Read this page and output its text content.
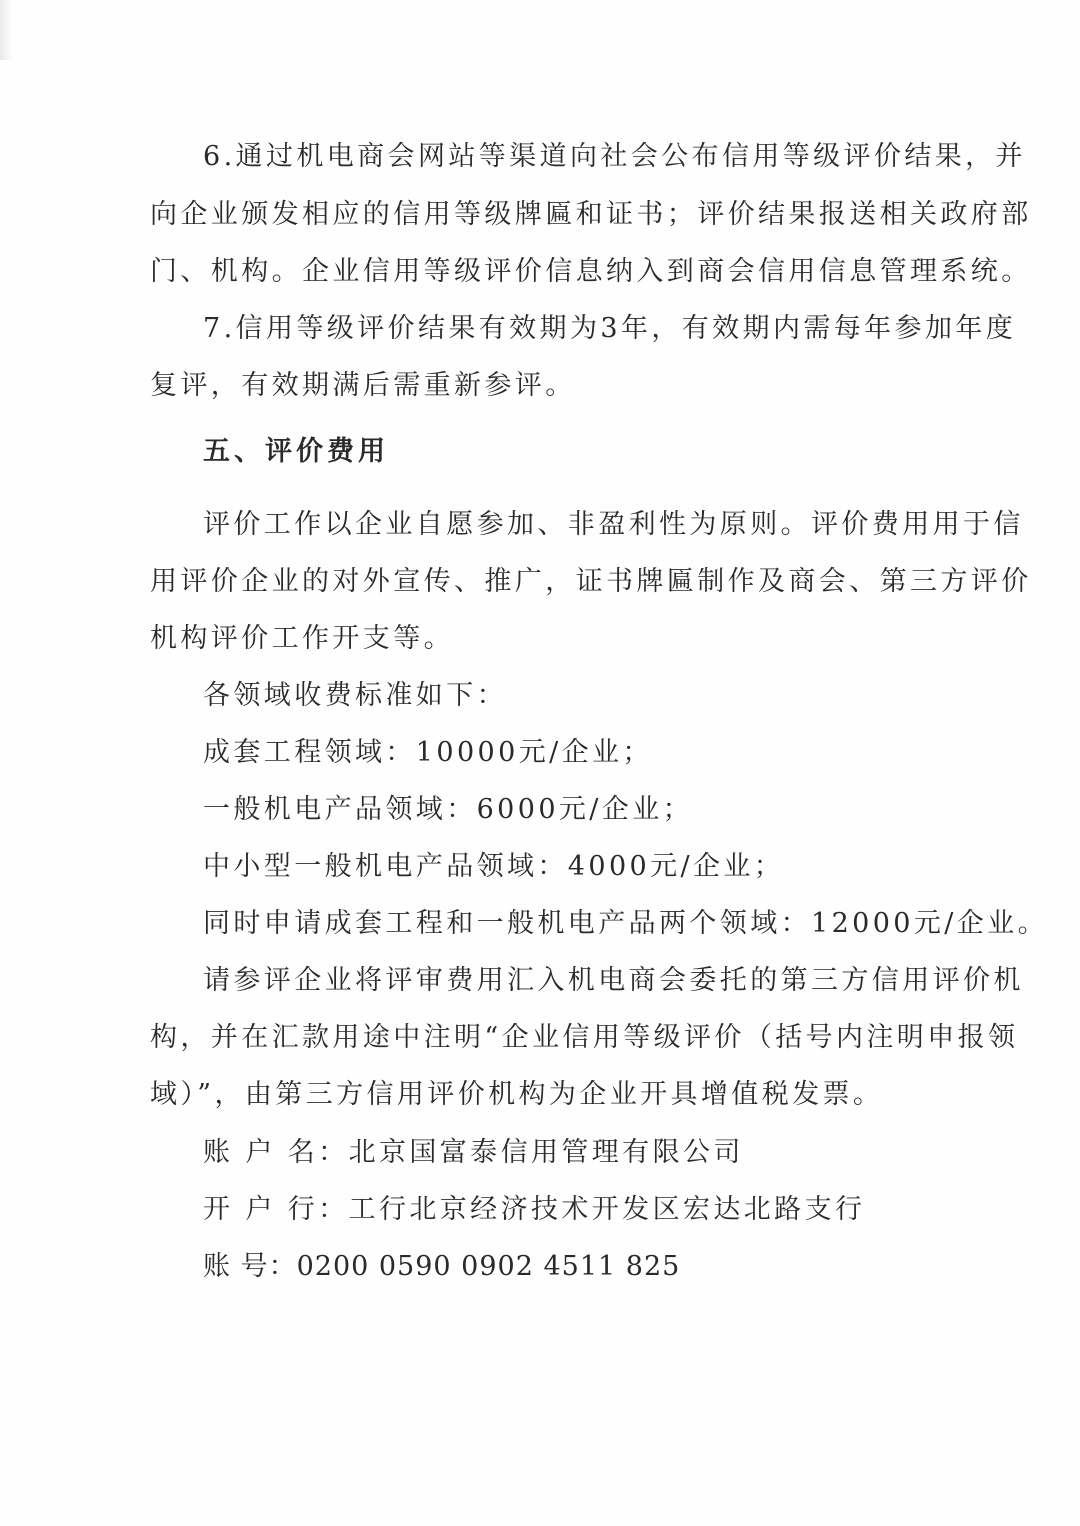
6.通过机电商会网站等渠道向社会公布信用等级评价结果，并
向企业颁发相应的信用等级牌匾和证书；评价结果报送相关政府部
门、机构。企业信用等级评价信息纳入到商会信用信息管理系统。
7.信用等级评价结果有效期为3年，有效期内需每年参加年度
复评，有效期满后需重新参评。
五、评价费用
评价工作以企业自愿参加、非盈利性为原则。评价费用用于信
用评价企业的对外宣传、推广，证书牌匾制作及商会、第三方评价
机构评价工作开支等。
各领域收费标准如下：
成套工程领域：10000元/企业；
一般机电产品领域：6000元/企业；
中小型一般机电产品领域：4000元/企业；
同时申请成套工程和一般机电产品两个领域：12000元/企业。
请参评企业将评审费用汇入机电商会委托的第三方信用评价机
构，并在汇款用途中注明“企业信用等级评价（括号内注明申报领
域）”，由第三方信用评价机构为企业开具增值税发票。
账 户 名：北京国富泰信用管理有限公司
开 户 行：工行北京经济技术开发区宏达北路支行
账 号：0200 0590 0902 4511 825
